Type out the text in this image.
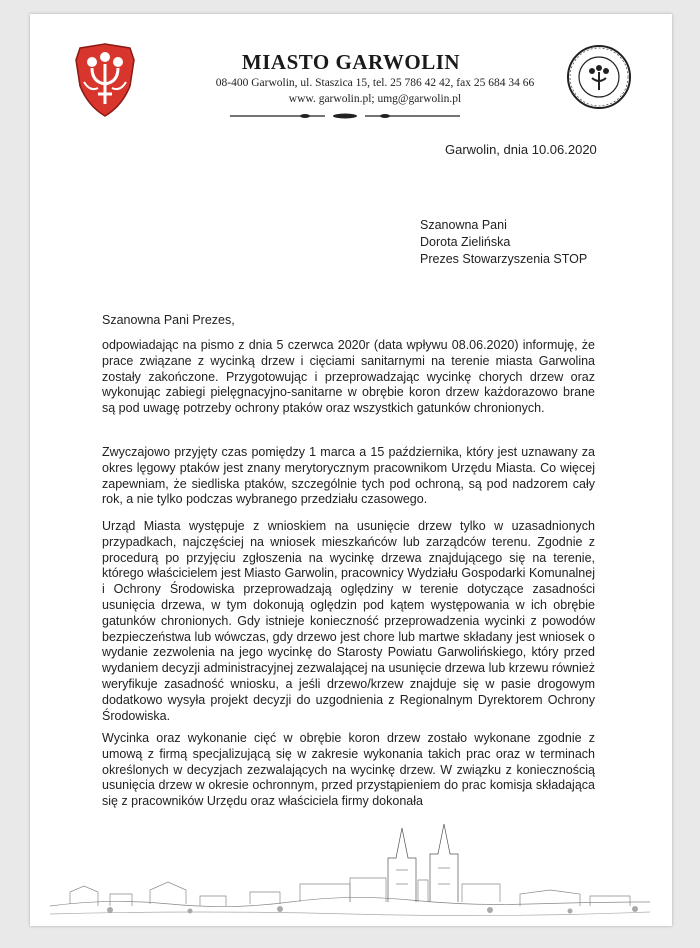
MIASTO GARWOLIN
08-400 Garwolin, ul. Staszica 15, tel. 25 786 42 42, fax 25 684 34 66
www. garwolin.pl; umg@garwolin.pl
Garwolin, dnia 10.06.2020
Szanowna Pani
Dorota Zielińska
Prezes Stowarzyszenia STOP
Szanowna Pani Prezes,

odpowiadając na pismo z dnia 5 czerwca 2020r (data wpływu 08.06.2020) informuję, że prace związane z wycinką drzew i cięciami sanitarnymi na terenie miasta Garwolina zostały zakończone. Przygotowując i przeprowadzając wycinkę chorych drzew oraz wykonując zabiegi pielęgnacyjno-sanitarne w obrębie koron drzew każdorazowo brane są pod uwagę potrzeby ochrony ptaków oraz wszystkich gatunków chronionych.

Zwyczajowo przyjęty czas pomiędzy 1 marca a 15 października, który jest uznawany za okres lęgowy ptaków jest znany merytorycznym pracownikom Urzędu Miasta. Co więcej zapewniam, że siedliska ptaków, szczególnie tych pod ochroną, są pod nadzorem cały rok, a nie tylko podczas wybranego przedziału czasowego.

Urząd Miasta występuje z wnioskiem na usunięcie drzew tylko w uzasadnionych przypadkach, najczęściej na wniosek mieszkańców lub zarządców terenu. Zgodnie z procedurą po przyjęciu zgłoszenia na wycinkę drzewa znajdującego się na terenie, którego właścicielem jest Miasto Garwolin, pracownicy Wydziału Gospodarki Komunalnej i Ochrony Środowiska przeprowadzają oględziny w terenie dotyczące zasadności usunięcia drzewa, w tym dokonują oględzin pod kątem występowania w ich obrębie gatunków chronionych. Gdy istnieje konieczność przeprowadzenia wycinki z powodów bezpieczeństwa lub wówczas, gdy drzewo jest chore lub martwe składany jest wniosek o wydanie zezwolenia na jego wycinkę do Starosty Powiatu Garwolińskiego, który przed wydaniem decyzji administracyjnej zezwalającej na usunięcie drzewa lub krzewu również weryfikuje zasadność wniosku, a jeśli drzewo/krzew znajduje się w pasie drogowym dodatkowo wysyła projekt decyzji do uzgodnienia z Regionalnym Dyrektorem Ochrony Środowiska.

Wycinka oraz wykonanie cięć w obrębie koron drzew zostało wykonane zgodnie z umową z firmą specjalizującą się w zakresie wykonania takich prac oraz w terminach określonych w decyzjach zezwalających na wycinkę drzew. W związku z koniecznością usunięcia drzew w okresie ochronnym, przed przystąpieniem do prac komisja składająca się z pracowników Urzędu oraz właściciela firmy dokonała
